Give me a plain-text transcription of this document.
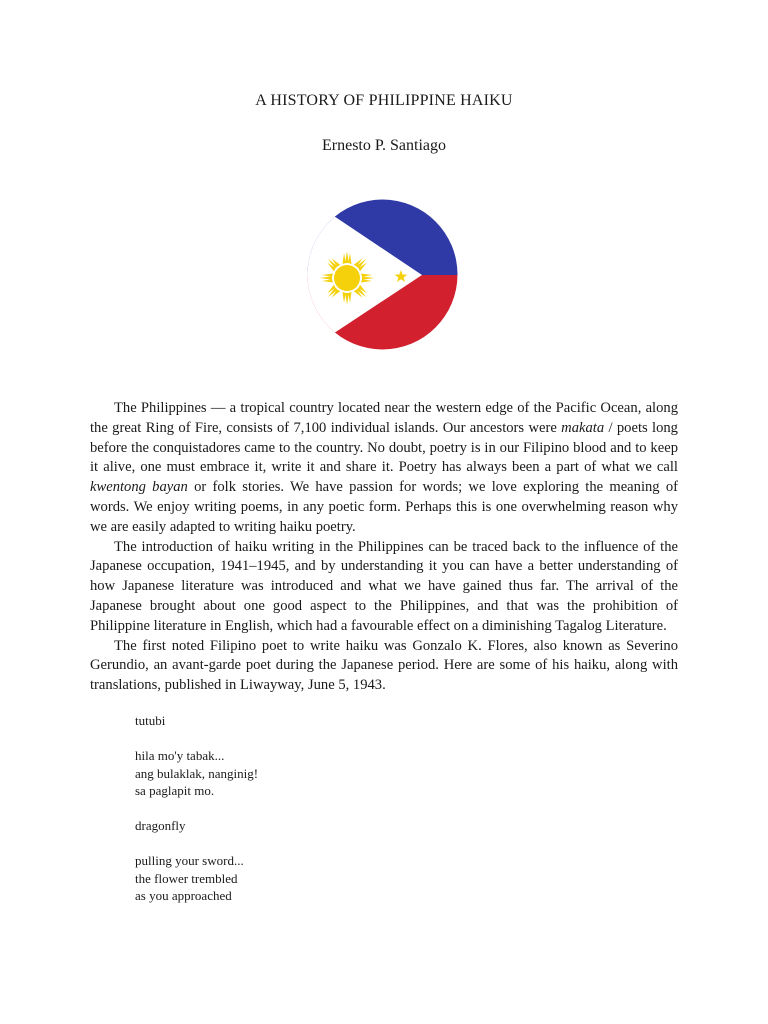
A HISTORY OF PHILIPPINE HAIKU
Ernesto P. Santiago

The Philippines — a tropical country located near the western edge of the Pacific Ocean, along the great Ring of Fire, consists of 7,100 individual islands. Our ancestors were makata / poets long before the conquistadores came to the country. No doubt, poetry is in our Filipino blood and to keep it alive, one must embrace it, write it and share it. Poetry has always been a part of what we call kwentong bayan or folk stories. We have passion for words; we love exploring the meaning of words. We enjoy writing poems, in any poetic form. Perhaps this is one overwhelming reason why we are easily adapted to writing haiku poetry.

The introduction of haiku writing in the Philippines can be traced back to the influence of the Japanese occupation, 1941–1945, and by understanding it you can have a better understanding of how Japanese literature was introduced and what we have gained thus far. The arrival of the Japanese brought about one good aspect to the Philippines, and that was the prohibition of Philippine literature in English, which had a favourable effect on a diminishing Tagalog Literature.

The first noted Filipino poet to write haiku was Gonzalo K. Flores, also known as Severino Gerundio, an avant-garde poet during the Japanese period. Here are some of his haiku, along with translations, published in Liwayway, June 5, 1943.

tutubi
hila mo'y tabak...
ang bulaklak, nanginig!
sa paglapit mo.
dragonfly
pulling your sword...
the flower trembled
as you approached
